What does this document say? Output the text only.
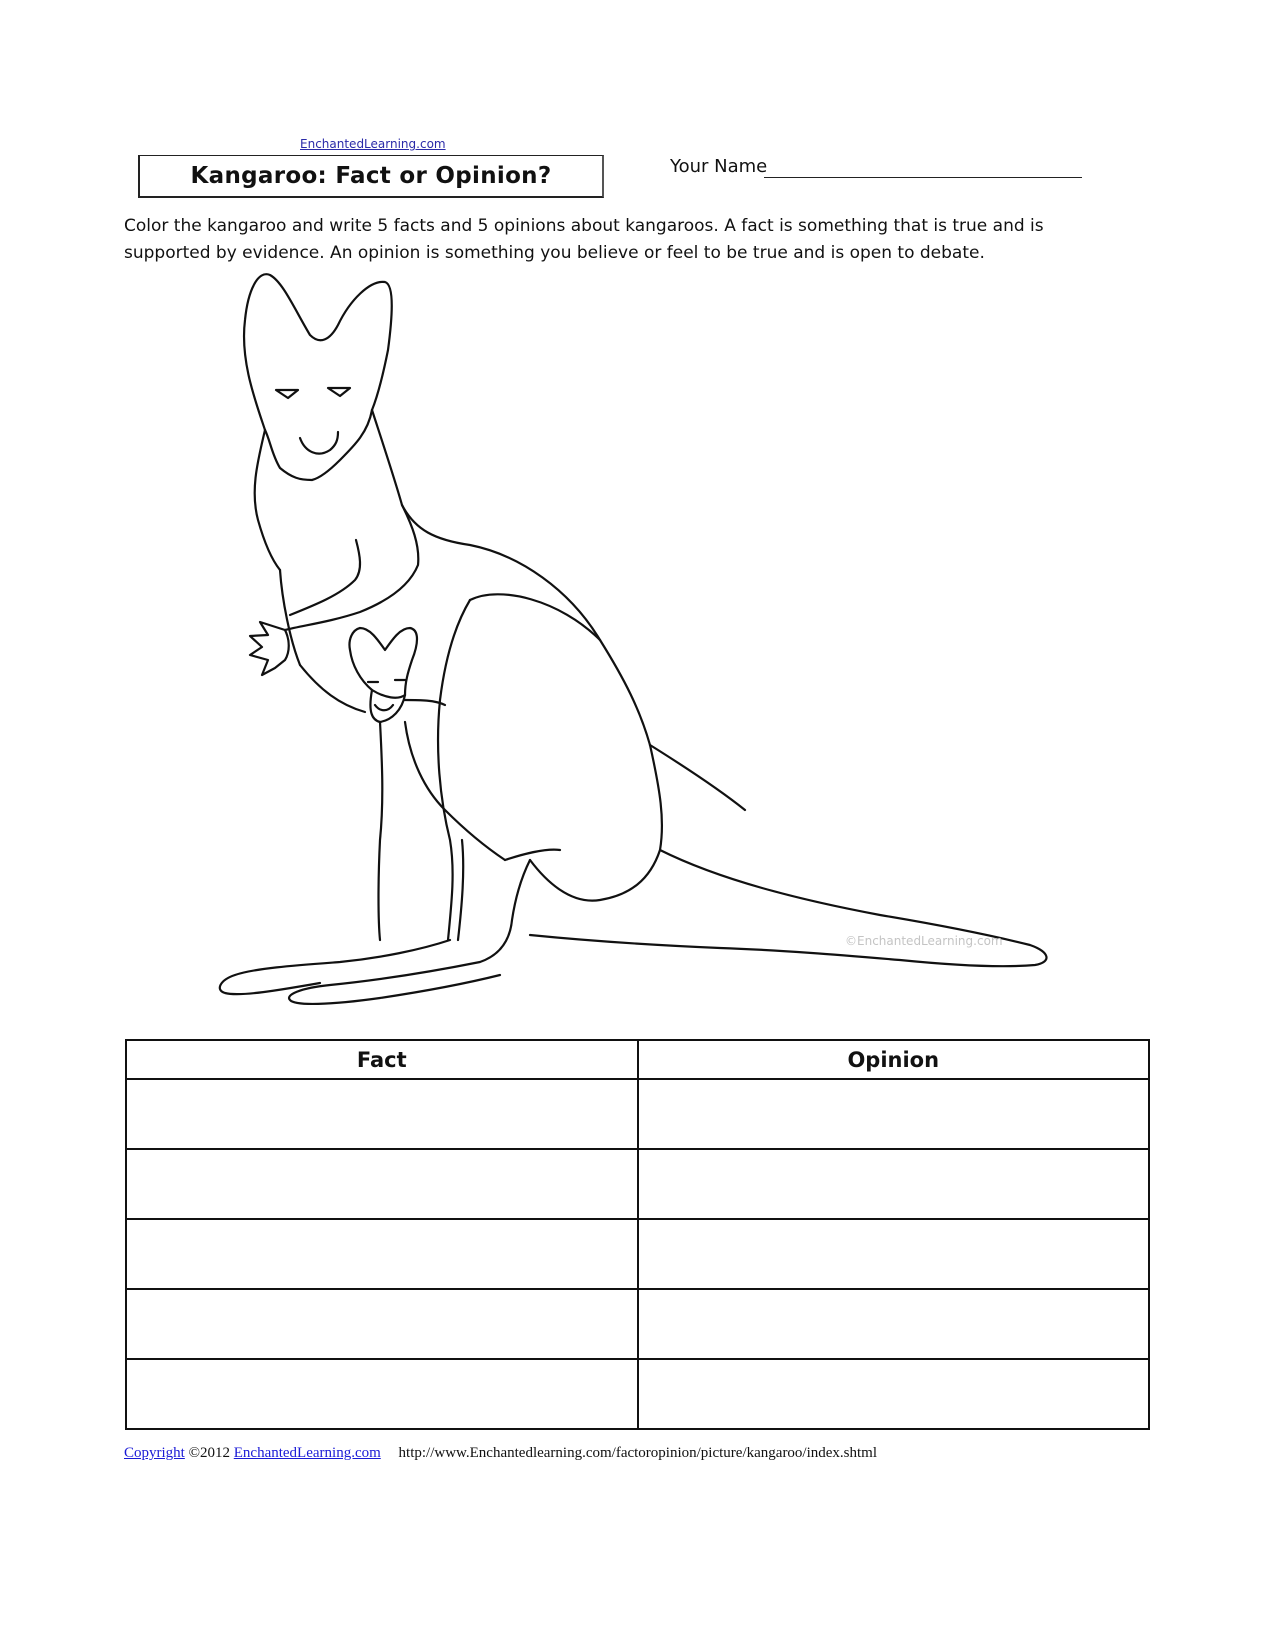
EnchantedLearning.com
Kangaroo: Fact or Opinion?	Your Name
Color the kangaroo and write 5 facts and 5 opinions about kangaroos. A fact is something that is true and is supported by evidence. An opinion is something you believe or feel to be true and is open to debate.
©EnchantedLearning.com
Fact	Opinion

Copyright ©2012 EnchantedLearning.com http://www.Enchantedlearning.com/factoropinion/picture/kangaroo/index.shtml
